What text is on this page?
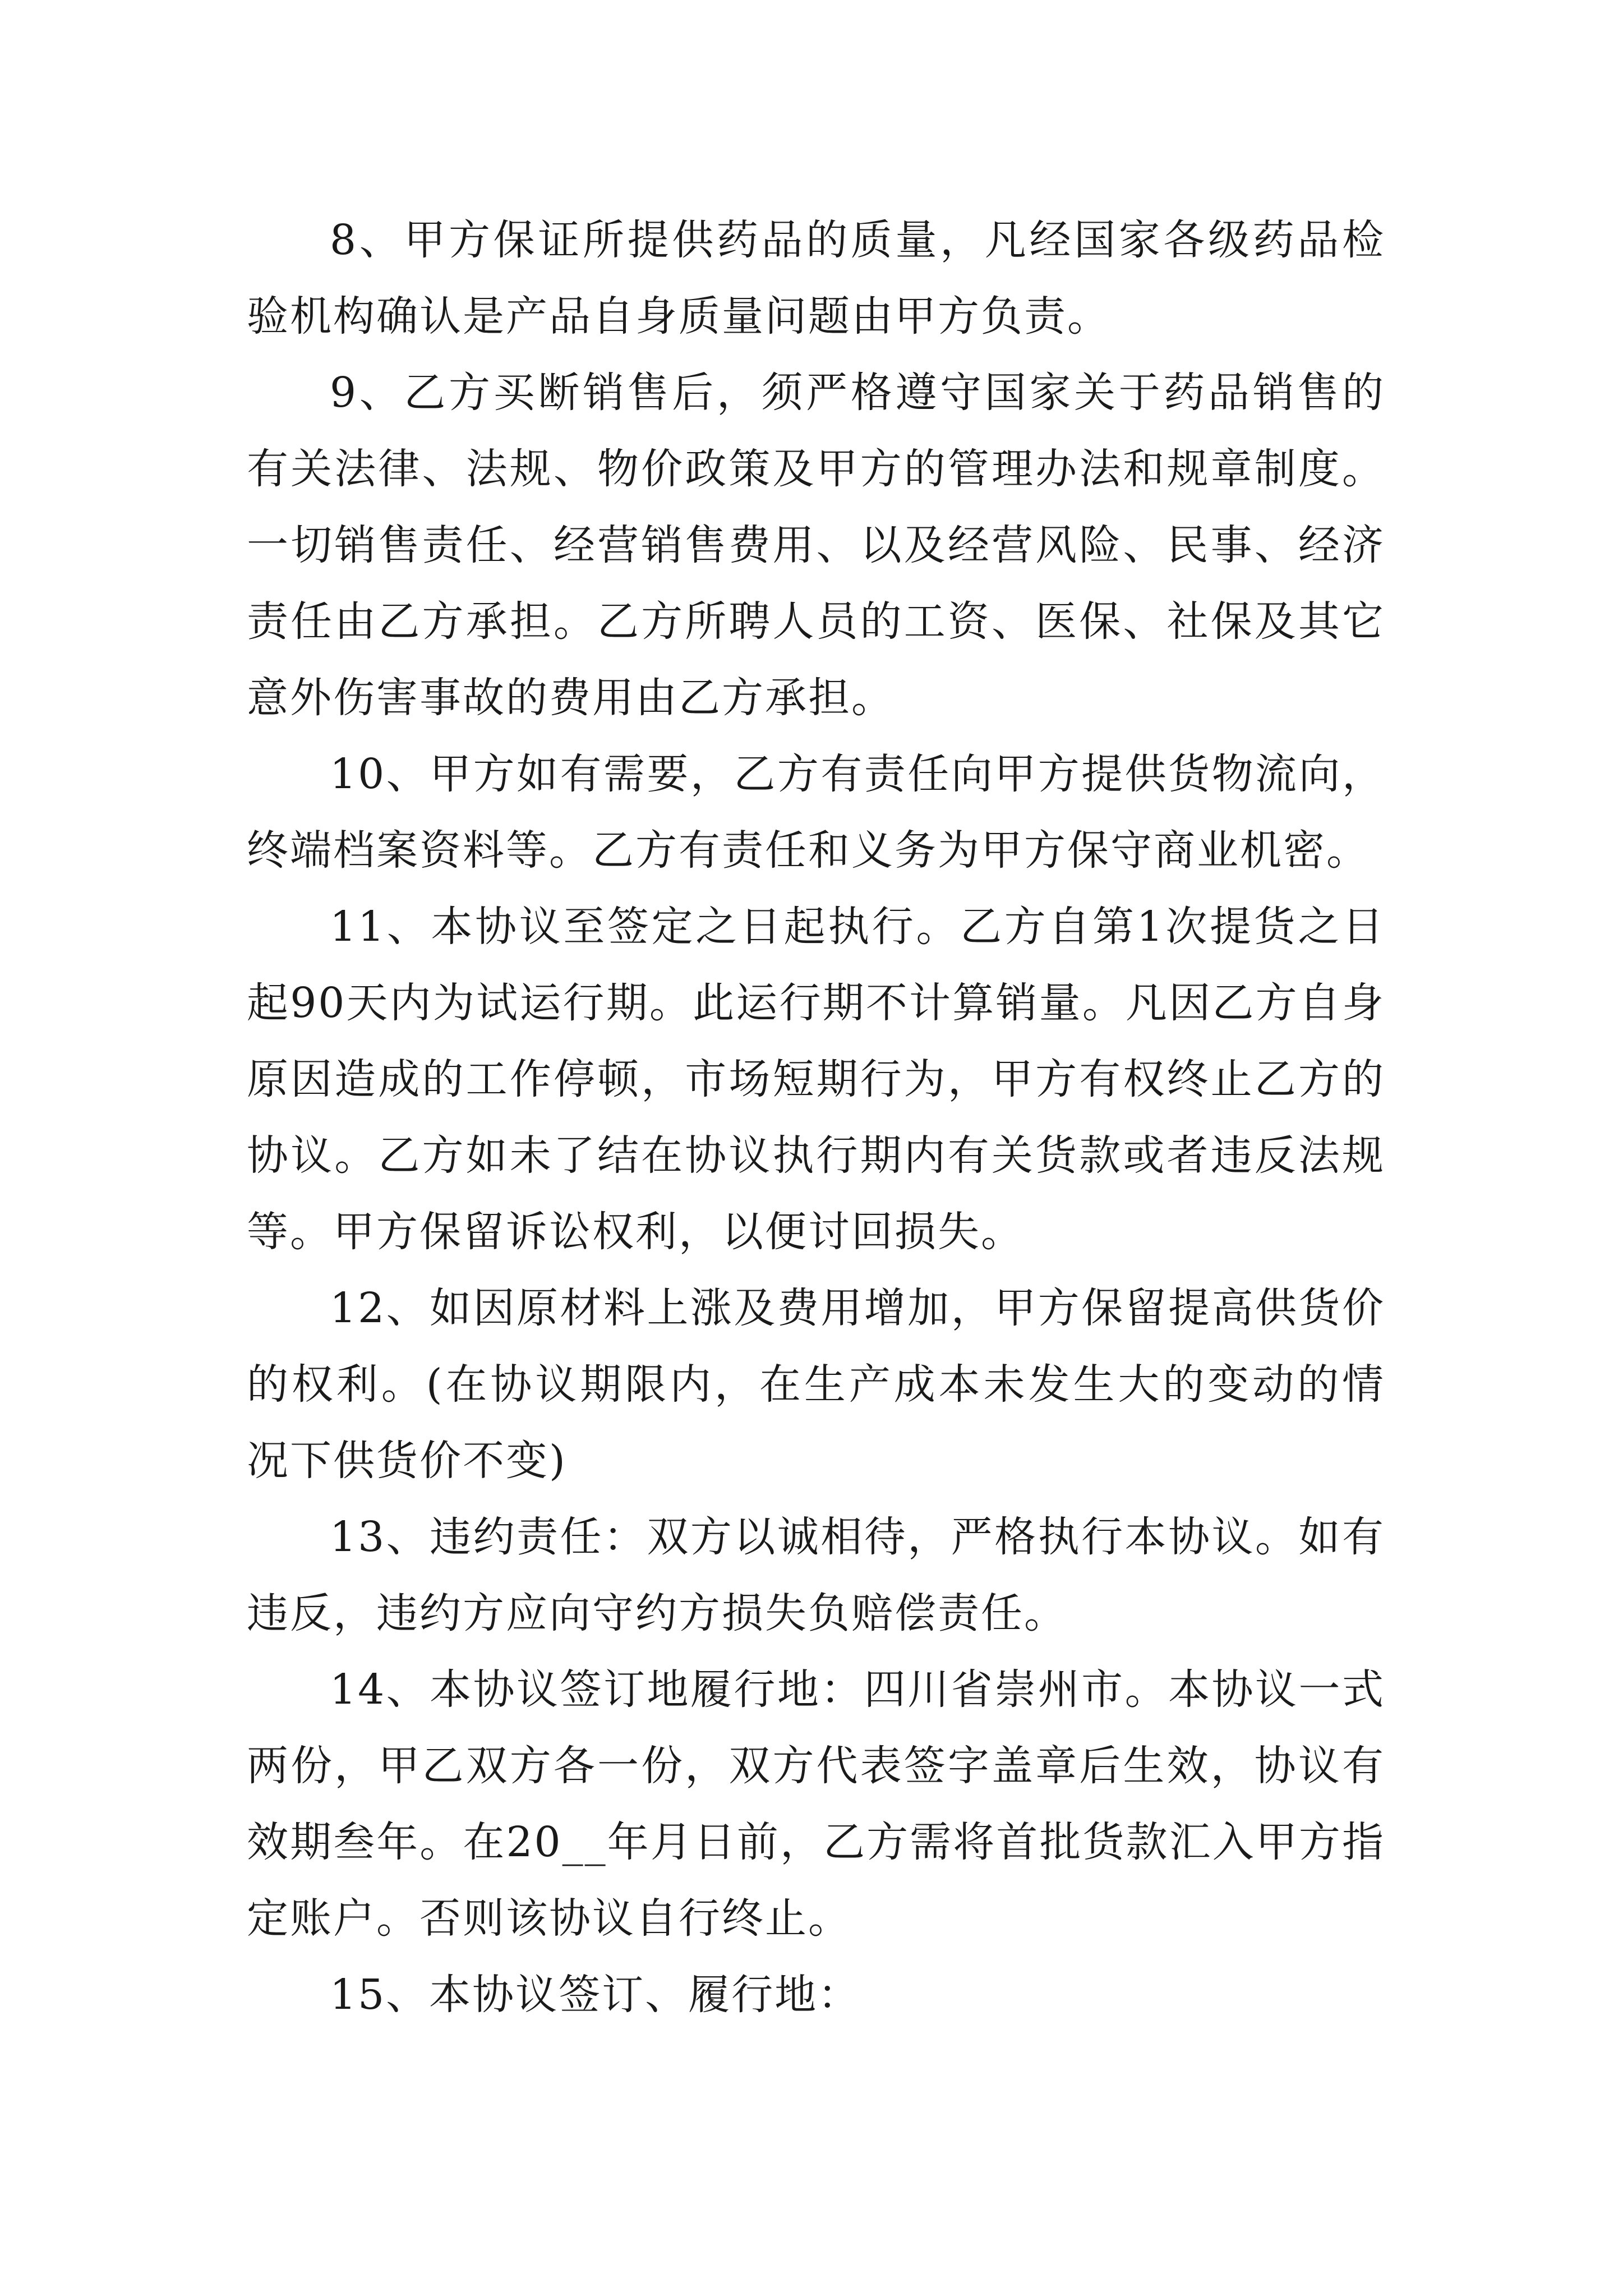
8、甲方保证所提供药品的质量，凡经国家各级药品检验机构确认是产品自身质量问题由甲方负责。

9、乙方买断销售后，须严格遵守国家关于药品销售的有关法律、法规、物价政策及甲方的管理办法和规章制度。一切销售责任、经营销售费用、以及经营风险、民事、经济责任由乙方承担。乙方所聘人员的工资、医保、社保及其它意外伤害事故的费用由乙方承担。

10、甲方如有需要，乙方有责任向甲方提供货物流向，终端档案资料等。乙方有责任和义务为甲方保守商业机密。

11、本协议至签定之日起执行。乙方自第1次提货之日起90天内为试运行期。此运行期不计算销量。凡因乙方自身原因造成的工作停顿，市场短期行为，甲方有权终止乙方的协议。乙方如未了结在协议执行期内有关货款或者违反法规等。甲方保留诉讼权利，以便讨回损失。

12、如因原材料上涨及费用增加，甲方保留提高供货价的权利。(在协议期限内，在生产成本未发生大的变动的情况下供货价不变)

13、违约责任：双方以诚相待，严格执行本协议。如有违反，违约方应向守约方损失负赔偿责任。

14、本协议签订地履行地：四川省崇州市。本协议一式两份，甲乙双方各一份，双方代表签字盖章后生效，协议有效期叁年。在20__年月日前，乙方需将首批货款汇入甲方指定账户。否则该协议自行终止。

15、本协议签订、履行地：
